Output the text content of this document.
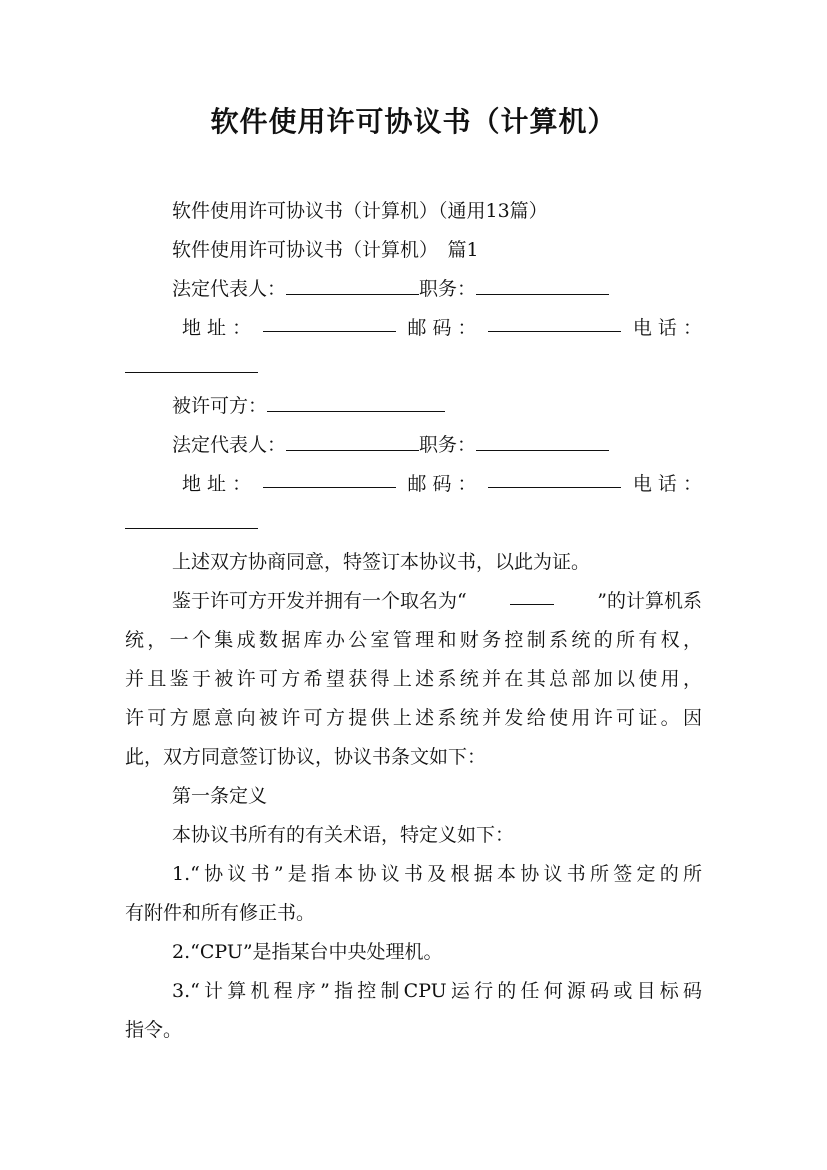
软件使用许可协议书（计算机）
软件使用许可协议书（计算机）（通用13篇）
软件使用许可协议书（计算机）　篇1
法定代表人：	职务：
地 址 ：	邮 码 ：	电 话 ：
被许可方：
法定代表人：	职务：
地 址 ：	邮 码 ：	电 话 ：
上述双方协商同意，特签订本协议书，以此为证。
鉴于许可方开发并拥有一个取名为“	”的计算机系
统，一个集成数据库办公室管理和财务控制系统的所有权，
并且鉴于被许可方希望获得上述系统并在其总部加以使用，
许可方愿意向被许可方提供上述系统并发给使用许可证。因
此，双方同意签订协议，协议书条文如下：
第一条定义
本协议书所有的有关术语，特定义如下：
1.“协议书”是指本协议书及根据本协议书所签定的所
有附件和所有修正书。
2.“CPU”是指某台中央处理机。
3.“计算机程序”指控制CPU运行的任何源码或目标码
指令。
